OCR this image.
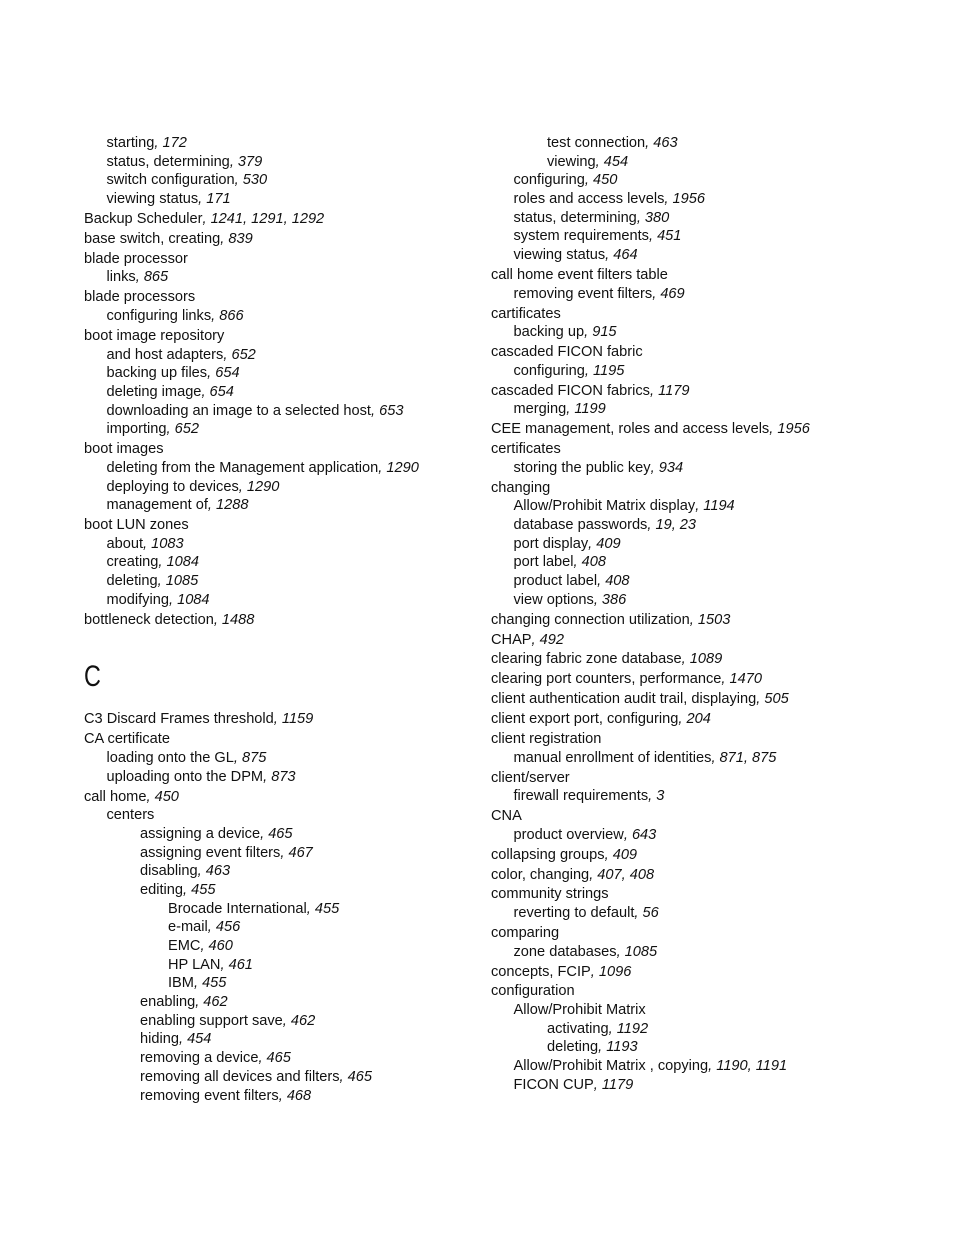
starting, 172
status, determining, 379
switch configuration, 530
viewing status, 171
Backup Scheduler, 1241, 1291, 1292
base switch, creating, 839
blade processor
links, 865
blade processors
configuring links, 866
boot image repository
and host adapters, 652
backing up files, 654
deleting image, 654
downloading an image to a selected host, 653
importing, 652
boot images
deleting from the Management application, 1290
deploying to devices, 1290
management of, 1288
boot LUN zones
about, 1083
creating, 1084
deleting, 1085
modifying, 1084
bottleneck detection, 1488
C
C3 Discard Frames threshold, 1159
CA certificate
loading onto the GL, 875
uploading onto the DPM, 873
call home, 450
centers
assigning a device, 465
assigning event filters, 467
disabling, 463
editing, 455
Brocade International, 455
e-mail, 456
EMC, 460
HP LAN, 461
IBM, 455
enabling, 462
enabling support save, 462
hiding, 454
removing a device, 465
removing all devices and filters, 465
removing event filters, 468
test connection, 463
viewing, 454
configuring, 450
roles and access levels, 1956
status, determining, 380
system requirements, 451
viewing status, 464
call home event filters table
removing event filters, 469
cartificates
backing up, 915
cascaded FICON fabric
configuring, 1195
cascaded FICON fabrics, 1179
merging, 1199
CEE management, roles and access levels, 1956
certificates
storing the public key, 934
changing
Allow/Prohibit Matrix display, 1194
database passwords, 19, 23
port display, 409
port label, 408
product label, 408
view options, 386
changing connection utilization, 1503
CHAP, 492
clearing fabric zone database, 1089
clearing port counters, performance, 1470
client authentication audit trail, displaying, 505
client export port, configuring, 204
client registration
manual enrollment of identities, 871, 875
client/server
firewall requirements, 3
CNA
product overview, 643
collapsing groups, 409
color, changing, 407, 408
community strings
reverting to default, 56
comparing
zone databases, 1085
concepts, FCIP, 1096
configuration
Allow/Prohibit Matrix
activating, 1192
deleting, 1193
Allow/Prohibit Matrix , copying, 1190, 1191
FICON CUP, 1179
